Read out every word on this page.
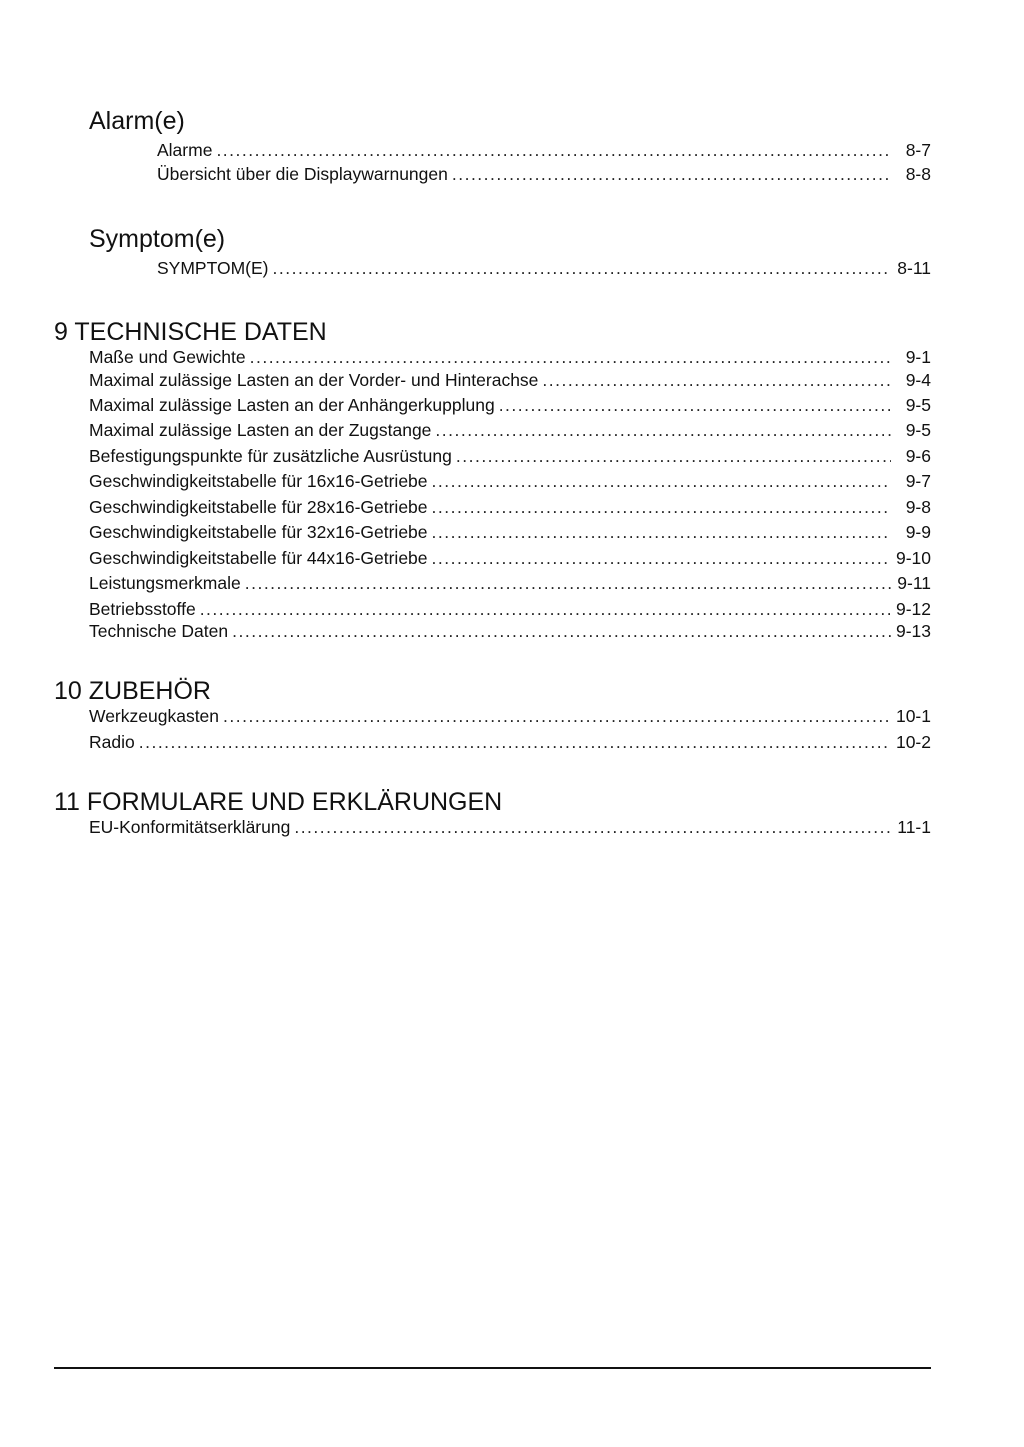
Alarm(e)
Alarme .....	8-7
Übersicht über die Displaywarnungen .....	8-8
Symptom(e)
SYMPTOM(E) .....	8-11
9 TECHNISCHE DATEN
Maße und Gewichte .....	9-1
Maximal zulässige Lasten an der Vorder- und Hinterachse .....	9-4
Maximal zulässige Lasten an der Anhängerkupplung .....	9-5
Maximal zulässige Lasten an der Zugstange .....	9-5
Befestigungspunkte für zusätzliche Ausrüstung .....	9-6
Geschwindigkeitstabelle für 16x16-Getriebe .....	9-7
Geschwindigkeitstabelle für 28x16-Getriebe .....	9-8
Geschwindigkeitstabelle für 32x16-Getriebe .....	9-9
Geschwindigkeitstabelle für 44x16-Getriebe .....	9-10
Leistungsmerkmale .....	9-11
Betriebsstoffe .....	9-12
Technische Daten .....	9-13
10 ZUBEHÖR
Werkzeugkasten .....	10-1
Radio .....	10-2
11 FORMULARE UND ERKLÄRUNGEN
EU-Konformitätserklärung .....	11-1
